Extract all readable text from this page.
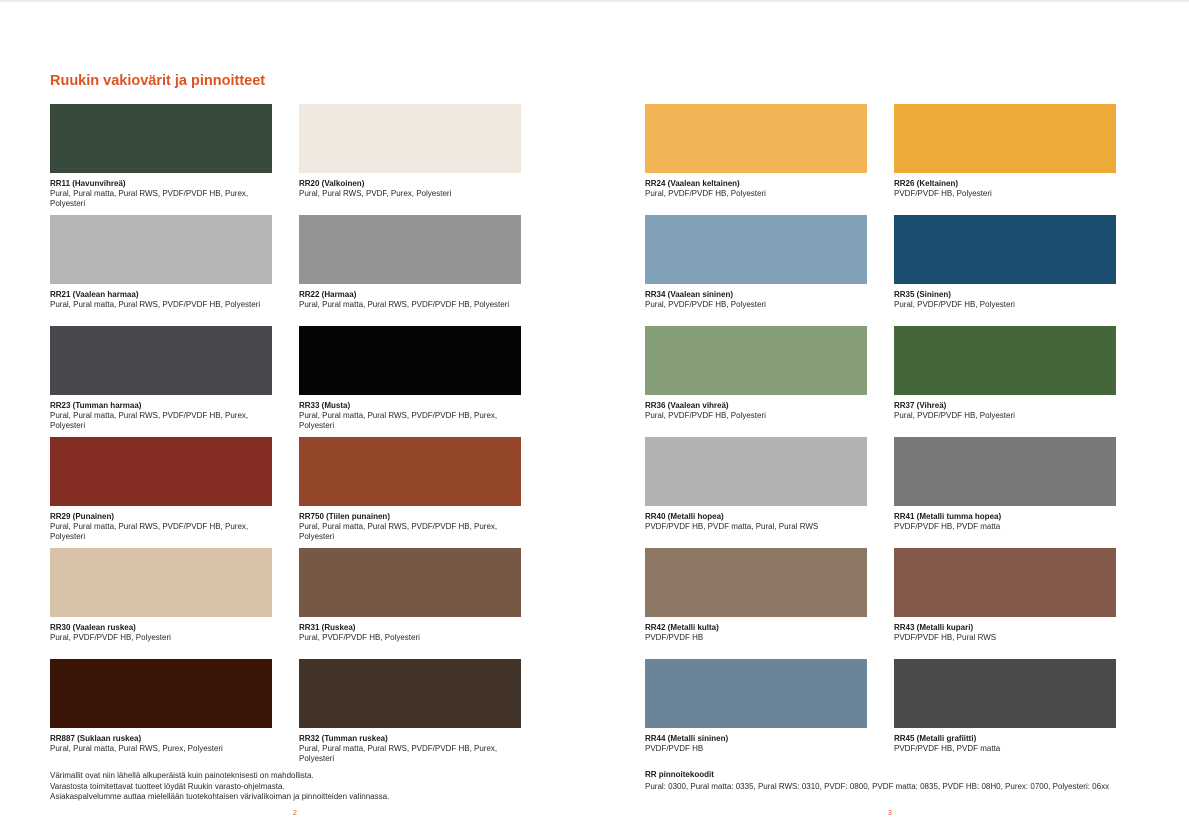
Ruukin vakiovärit ja pinnoitteet
RR11 (Havunvihreä)
Pural, Pural matta, Pural RWS, PVDF/PVDF HB, Purex, Polyesteri
RR20 (Valkoinen)
Pural, Pural RWS, PVDF, Purex, Polyesteri
RR24 (Vaalean keltainen)
Pural, PVDF/PVDF HB, Polyesteri
RR26 (Keltainen)
PVDF/PVDF HB, Polyesteri
RR21 (Vaalean harmaa)
Pural, Pural matta, Pural RWS, PVDF/PVDF HB, Polyesteri
RR22 (Harmaa)
Pural, Pural matta, Pural RWS, PVDF/PVDF HB, Polyesteri
RR34 (Vaalean sininen)
Pural, PVDF/PVDF HB, Polyesteri
RR35 (Sininen)
Pural, PVDF/PVDF HB, Polyesteri
RR23 (Tumman harmaa)
Pural, Pural matta, Pural RWS, PVDF/PVDF HB, Purex, Polyesteri
RR33 (Musta)
Pural, Pural matta, Pural RWS, PVDF/PVDF HB, Purex, Polyesteri
RR36 (Vaalean vihreä)
Pural, PVDF/PVDF HB, Polyesteri
RR37 (Vihreä)
Pural, PVDF/PVDF HB, Polyesteri
RR29 (Punainen)
Pural, Pural matta, Pural RWS, PVDF/PVDF HB, Purex, Polyesteri
RR750 (Tiilen punainen)
Pural, Pural matta, Pural RWS, PVDF/PVDF HB, Purex, Polyesteri
RR40 (Metalli hopea)
PVDF/PVDF HB, PVDF matta, Pural, Pural RWS
RR41 (Metalli tumma hopea)
PVDF/PVDF HB, PVDF matta
RR30 (Vaalean ruskea)
Pural, PVDF/PVDF HB, Polyesteri
RR31 (Ruskea)
Pural, PVDF/PVDF HB, Polyesteri
RR42 (Metalli kulta)
PVDF/PVDF HB
RR43 (Metalli kupari)
PVDF/PVDF HB, Pural RWS
RR887 (Suklaan ruskea)
Pural, Pural matta, Pural RWS, Purex, Polyesteri
RR32 (Tumman ruskea)
Pural, Pural matta, Pural RWS, PVDF/PVDF HB, Purex, Polyesteri
RR44 (Metalli sininen)
PVDF/PVDF HB
RR45 (Metalli grafiitti)
PVDF/PVDF HB, PVDF matta
Värimallit ovat niin lähellä alkuperäistä kuin painoteknisesti on mahdollista.
Varastosta toimitettavat tuotteet löydät Ruukin varasto-ohjelmasta.
Asiakaspalvelumme auttaa mielellään tuotekohtaisen värivalikoiman ja pinnoitteiden valinnassa.
RR pinnoitekoodit
Pural: 0300, Pural matta: 0335, Pural RWS: 0310, PVDF: 0800, PVDF matta: 0835, PVDF HB: 08H0, Purex: 0700, Polyesteri: 06xx
2	3
